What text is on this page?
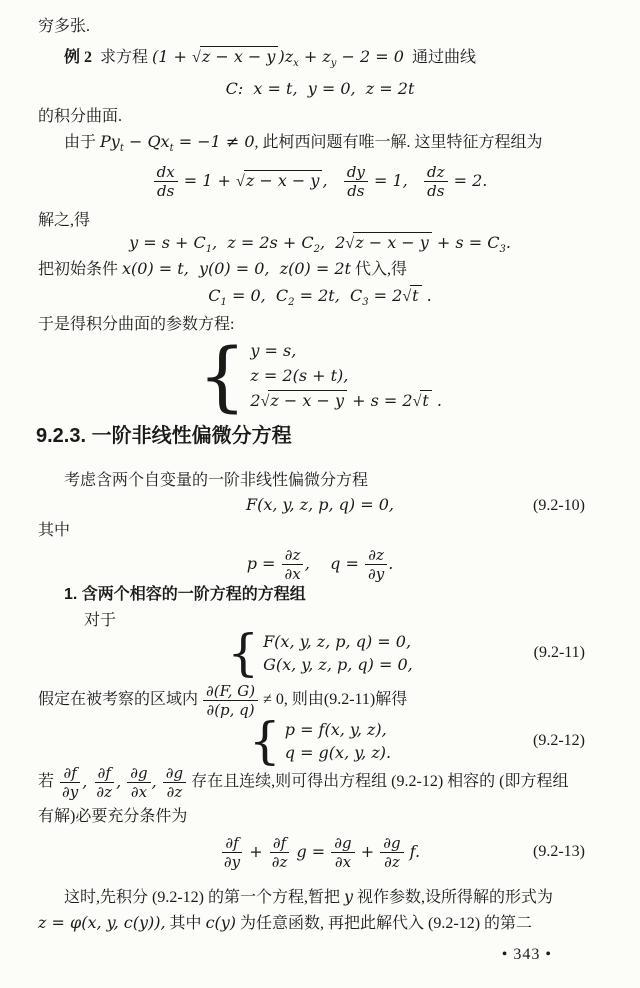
穷多张.
例 2  求方程 (1 + √z − x − y )$z_x + z_y - 2 = 0$  通过曲线
C:  x = t,  y = 0,  z = 2t
的积分曲面.
由于 $Py_t - Qx_t = -1 \ne 0$, 此柯西问题有唯一解. 这里特征方程组为
$\frac{dx}{ds} = 1 + √z - x - y$ , $\frac{dy}{ds} = 1$, $\frac{dz}{ds} = 2$.
解之,得
$y = s + C_1$,  $z = 2s + C_2$,  $2√z - x - y + s = C_3$.
把初始条件 x(0) = t,  y(0) = 0,  z(0) = 2t 代入,得
$C_1 = 0$,  $C_2 = 2t$,  $C_3 = 2√t$ .
于是得积分曲面的参数方程:
{ y = s,
z = 2(s + t),
2√z − x − y + s = 2√t .
9.2.3. 一阶非线性偏微分方程
考虑含两个自变量的一阶非线性偏微分方程
F(x, y, z, p, q) = 0,	(9.2-10)
其中
$p = \frac{\partial z}{\partial x}$ ,    $q = \frac{\partial z}{\partial y}$ .
1. 含两个相容的一阶方程的方程组
对于
{ F(x, y, z, p, q) = 0,
G(x, y, z, p, q) = 0,
(9.2-11)
假定在被考察的区域内 $\frac{\partial(F, G)}{\partial(p, q)} \ne 0$, 则由(9.2-11)解得
{ p = f(x, y, z),
q = g(x, y, z).
(9.2-12)
若 $\frac{\partial f}{\partial y}$ , $\frac{\partial f}{\partial z}$ , $\frac{\partial g}{\partial x}$ , $\frac{\partial g}{\partial z}$ 存在且连续,则可得出方程组 (9.2-12) 相容的 (即方程组
有解)必要充分条件为
$\frac{\partial f}{\partial y} + \frac{\partial f}{\partial z}$ $g = \frac{\partial g}{\partial x} + \frac{\partial g}{\partial z} f$.	(9.2-13)
这时,先积分 (9.2-12) 的第一个方程,暂把 y 视作参数,设所得解的形式为
z = φ(x, y, c(y)), 其中 c(y) 为任意函数, 再把此解代入 (9.2-12) 的第二
• 343 •
